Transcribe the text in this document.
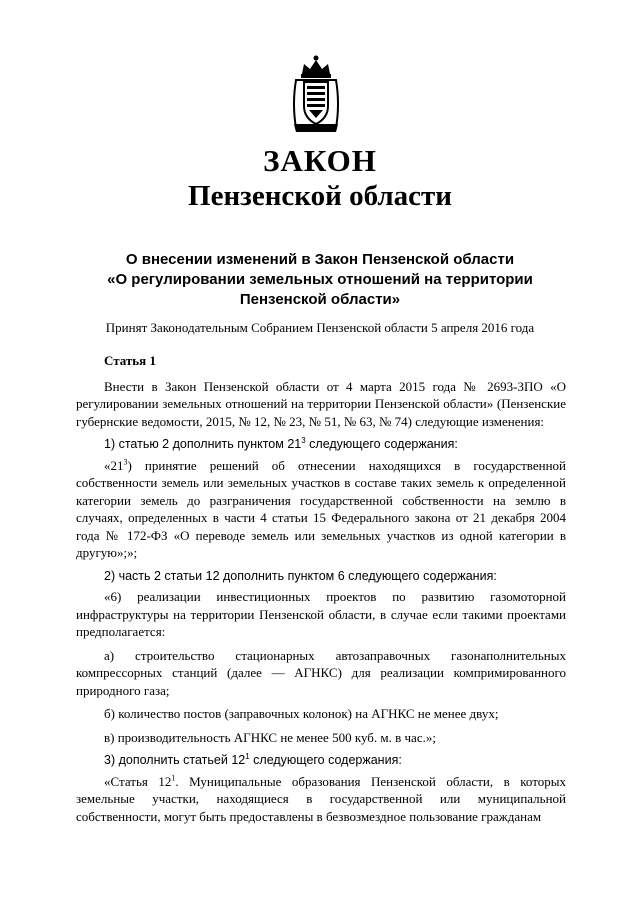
ЗАКОН
Пензенской области
О внесении изменений в Закон Пензенской области
«О регулировании земельных отношений на территории
Пензенской области»
Принят Законодательным Собранием Пензенской области 5 апреля 2016 года
Статья 1

Внести в Закон Пензенской области от 4 марта 2015 года № 2693-ЗПО «О регулировании земельных отношений на территории Пензенской области» (Пензенские губернские ведомости, 2015, № 12, № 23, № 51, № 63, № 74) следующие изменения:

1) статью 2 дополнить пунктом $21^3$ следующего содержания:

«$21^3$) принятие решений об отнесении находящихся в государственной собственности земель или земельных участков в составе таких земель к определенной категории земель до разграничения государственной собственности на землю в случаях, определенных в части 4 статьи 15 Федерального закона от 21 декабря 2004 года № 172-ФЗ «О переводе земель или земельных участков из одной категории в другую»;»;

2) часть 2 статьи 12 дополнить пунктом 6 следующего содержания:

«6) реализации инвестиционных проектов по развитию газомоторной инфраструктуры на территории Пензенской области, в случае если такими проектами предполагается:

а) строительство стационарных автозаправочных газонаполнительных компрессорных станций (далее — АГНКС) для реализации компримированного природного газа;

б) количество постов (заправочных колонок) на АГНКС не менее двух;

в) производительность АГНКС не менее 500 куб. м. в час.»;

3) дополнить статьей $12^1$ следующего содержания:

«Статья $12^1$. Муниципальные образования Пензенской области, в которых земельные участки, находящиеся в государственной или муниципальной собственности, могут быть предоставлены в безвозмездное пользование гражданам
